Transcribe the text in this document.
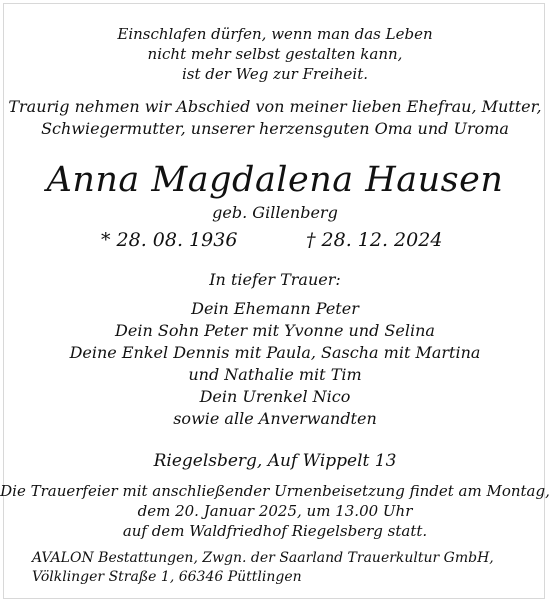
Einschlafen dürfen, wenn man das Leben
nicht mehr selbst gestalten kann,
ist der Weg zur Freiheit.
Traurig nehmen wir Abschied von meiner lieben Ehefrau, Mutter,
Schwiegermutter, unserer herzensguten Oma und Uroma
Anna Magdalena Hausen
geb. Gillenberg
* 28. 08. 1936	† 28. 12. 2024
In tiefer Trauer:
Dein Ehemann Peter
Dein Sohn Peter mit Yvonne und Selina
Deine Enkel Dennis mit Paula, Sascha mit Martina
und Nathalie mit Tim
Dein Urenkel Nico
sowie alle Anverwandten
Riegelsberg, Auf Wippelt 13
Die Trauerfeier mit anschließender Urnenbeisetzung findet am Montag,
dem 20. Januar 2025, um 13.00 Uhr
auf dem Waldfriedhof Riegelsberg statt.
AVALON Bestattungen, Zwgn. der Saarland Trauerkultur GmbH,
Völklinger Straße 1, 66346 Püttlingen
